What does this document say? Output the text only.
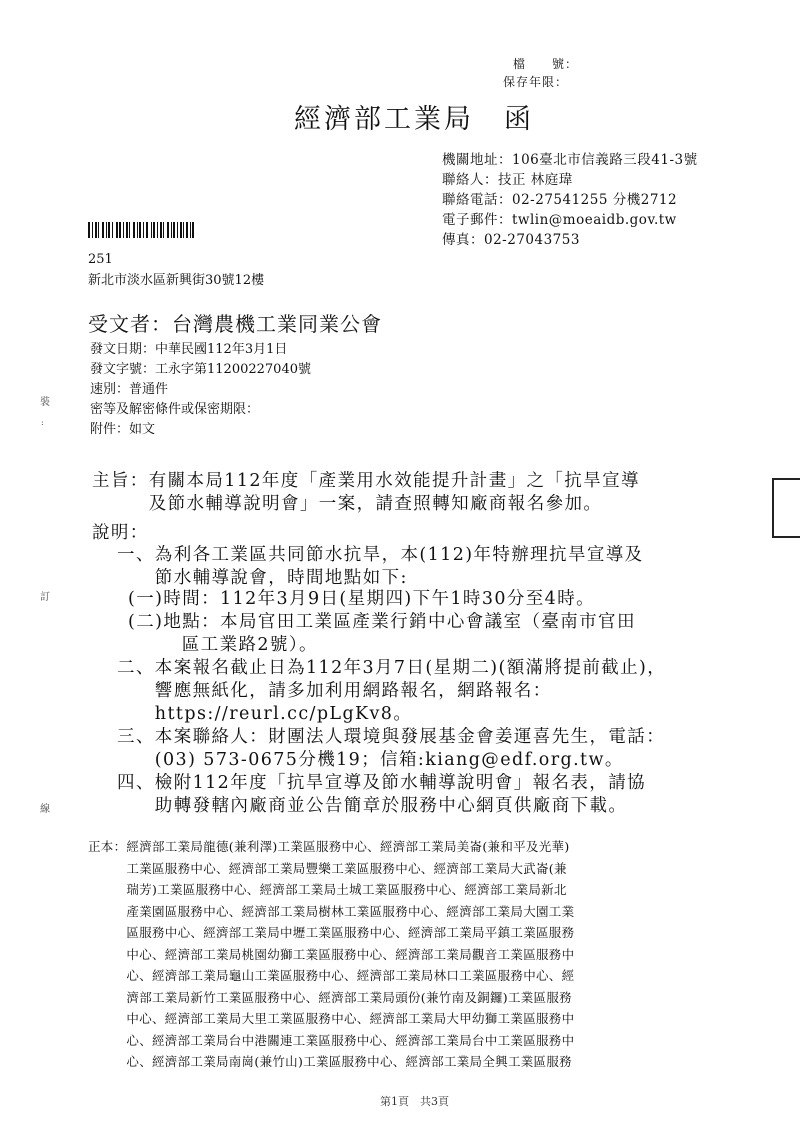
檔　　號：
保存年限：
經濟部工業局　函
機關地址：106臺北市信義路三段41-3號
聯絡人：技正 林庭瑋
聯絡電話：02-27541255 分機2712
電子郵件：twlin@moeaidb.gov.tw
傳真：02-27043753
251
新北市淡水區新興街30號12樓
受文者：台灣農機工業同業公會
發文日期：中華民國112年3月1日
發文字號：工永字第11200227040號
速別：普通件
密等及解密條件或保密期限：
附件：如文
裝
:
訂
線
主旨：有關本局112年度「產業用水效能提升計畫」之「抗旱宣導
　　　及節水輔導說明會」一案，請查照轉知廠商報名參加。
說明：
一、為利各工業區共同節水抗旱，本(112)年特辦理抗旱宣導及
　　節水輔導說會，時間地點如下:
(一)時間：112年3月9日(星期四)下午1時30分至4時。
(二)地點：本局官田工業區產業行銷中心會議室（臺南市官田
　　區工業路2號）。
二、本案報名截止日為112年3月7日(星期二)(額滿將提前截止)，
　　響應無紙化，請多加利用網路報名，網路報名：
　　https://reurl.cc/pLgKv8。
三、本案聯絡人：財團法人環境與發展基金會姜運喜先生，電話：
　　(03) 573-0675分機19；信箱:kiang@edf.org.tw。
四、檢附112年度「抗旱宣導及節水輔導說明會」報名表，請協
　　助轉發轄內廠商並公告簡章於服務中心網頁供廠商下載。
正本：經濟部工業局龍德(兼利澤)工業區服務中心、經濟部工業局美崙(兼和平及光華)
　　　工業區服務中心、經濟部工業局豐樂工業區服務中心、經濟部工業局大武崙(兼
　　　瑞芳)工業區服務中心、經濟部工業局土城工業區服務中心、經濟部工業局新北
　　　產業園區服務中心、經濟部工業局樹林工業區服務中心、經濟部工業局大園工業
　　　區服務中心、經濟部工業局中壢工業區服務中心、經濟部工業局平鎮工業區服務
　　　中心、經濟部工業局桃園幼獅工業區服務中心、經濟部工業局觀音工業區服務中
　　　心、經濟部工業局龜山工業區服務中心、經濟部工業局林口工業區服務中心、經
　　　濟部工業局新竹工業區服務中心、經濟部工業局頭份(兼竹南及銅鑼)工業區服務
　　　中心、經濟部工業局大里工業區服務中心、經濟部工業局大甲幼獅工業區服務中
　　　心、經濟部工業局台中港關連工業區服務中心、經濟部工業局台中工業區服務中
　　　心、經濟部工業局南崗(兼竹山)工業區服務中心、經濟部工業局全興工業區服務
第1頁　共3頁
